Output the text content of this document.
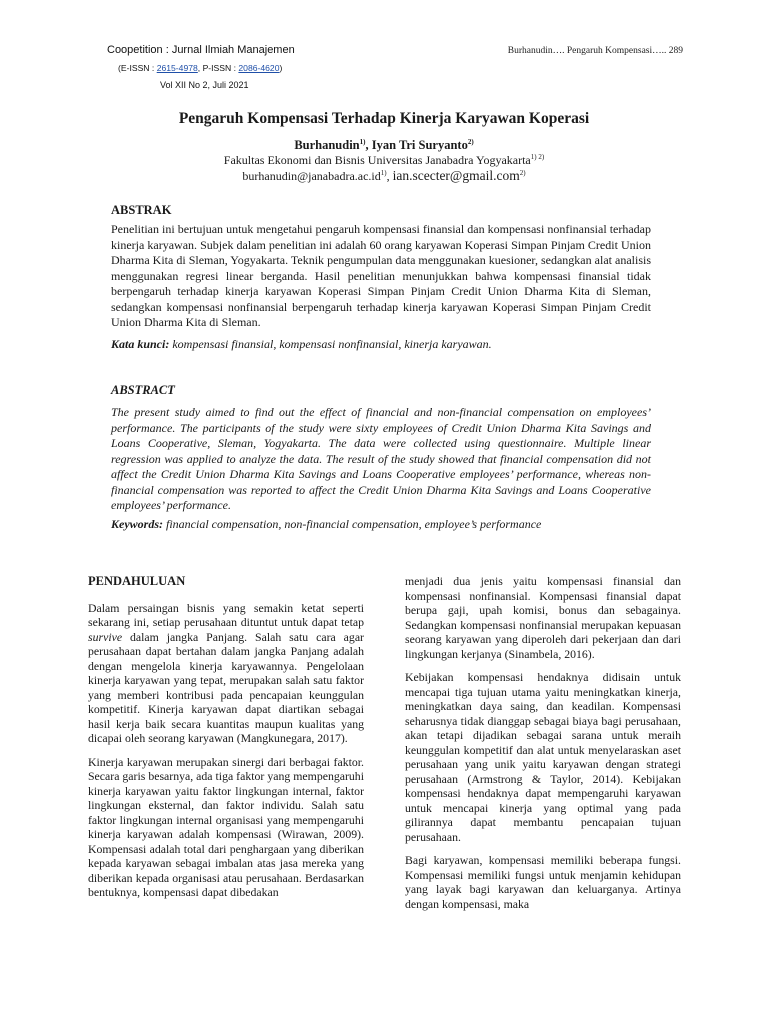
Coopetition : Jurnal Ilmiah Manajemen
(E-ISSN : 2615-4978, P-ISSN : 2086-4620)
Vol XII No 2, Juli 2021
Burhanudin…. Pengaruh Kompensasi….. 289
Pengaruh Kompensasi Terhadap Kinerja Karyawan Koperasi
Burhanudin$^{1)}$, Iyan Tri Suryanto$^{2)}$
Fakultas Ekonomi dan Bisnis Universitas Janabadra Yogyakarta$^{1) 2)}$
$burhanudin@janabadra.ac.id^{1)}$, ian.scecter@gmail.com$^{2)}$
ABSTRAK

Penelitian ini bertujuan untuk mengetahui pengaruh kompensasi finansial dan kompensasi nonfinansial terhadap kinerja karyawan. Subjek dalam penelitian ini adalah 60 orang karyawan Koperasi Simpan Pinjam Credit Union Dharma Kita di Sleman, Yogyakarta. Teknik pengumpulan data menggunakan kuesioner, sedangkan alat analisis menggunakan regresi linear berganda. Hasil penelitian menunjukkan bahwa kompensasi finansial tidak berpengaruh terhadap kinerja karyawan Koperasi Simpan Pinjam Credit Union Dharma Kita di Sleman, sedangkan kompensasi nonfinansial berpengaruh terhadap kinerja karyawan Koperasi Simpan Pinjam Credit Union Dharma Kita di Sleman.

Kata kunci: kompensasi finansial, kompensasi nonfinansial, kinerja karyawan.
ABSTRACT

The present study aimed to find out the effect of financial and non-financial compensation on employees’ performance. The participants of the study were sixty employees of Credit Union Dharma Kita Savings and Loans Cooperative, Sleman, Yogyakarta. The data were collected using questionnaire. Multiple linear regression was applied to analyze the data. The result of the study showed that financial compensation did not affect the Credit Union Dharma Kita Savings and Loans Cooperative employees’ performance, whereas non-financial compensation was reported to affect the Credit Union Dharma Kita Savings and Loans Cooperative employees’ performance.

Keywords: financial compensation, non-financial compensation, employee’s performance
PENDAHULUAN

Dalam persaingan bisnis yang semakin ketat seperti sekarang ini, setiap perusahaan dituntut untuk dapat tetap survive dalam jangka Panjang. Salah satu cara agar perusahaan dapat bertahan dalam jangka Panjang adalah dengan mengelola kinerja karyawannya. Pengelolaan kinerja karyawan yang tepat, merupakan salah satu faktor yang memberi kontribusi pada pencapaian keunggulan kompetitif. Kinerja karyawan dapat diartikan sebagai hasil kerja baik secara kuantitas maupun kualitas yang dicapai oleh seorang karyawan (Mangkunegara, 2017).

Kinerja karyawan merupakan sinergi dari berbagai faktor. Secara garis besarnya, ada tiga faktor yang mempengaruhi kinerja karyawan yaitu faktor lingkungan internal, faktor lingkungan eksternal, dan faktor individu. Salah satu faktor lingkungan internal organisasi yang mempengaruhi kinerja karyawan adalah kompensasi (Wirawan, 2009). Kompensasi adalah total dari penghargaan yang diberikan kepada karyawan sebagai imbalan atas jasa mereka yang diberikan kepada organisasi atau perusahaan. Berdasarkan bentuknya, kompensasi dapat dibedakan

menjadi dua jenis yaitu kompensasi finansial dan kompensasi nonfinansial. Kompensasi finansial dapat berupa gaji, upah komisi, bonus dan sebagainya. Sedangkan kompensasi nonfinansial merupakan kepuasan seorang karyawan yang diperoleh dari pekerjaan dan dari lingkungan kerjanya (Sinambela, 2016).

Kebijakan kompensasi hendaknya didisain untuk mencapai tiga tujuan utama yaitu meningkatkan kinerja, meningkatkan daya saing, dan keadilan. Kompensasi seharusnya tidak dianggap sebagai biaya bagi perusahaan, akan tetapi dijadikan sebagai sarana untuk meraih keunggulan kompetitif dan alat untuk menyelaraskan aset perusahaan yang unik yaitu karyawan dengan strategi perusahaan (Armstrong & Taylor, 2014). Kebijakan kompensasi hendaknya dapat mempengaruhi karyawan untuk mencapai kinerja yang optimal yang pada gilirannya dapat membantu pencapaian tujuan perusahaan.

Bagi karyawan, kompensasi memiliki beberapa fungsi. Kompensasi memiliki fungsi untuk menjamin kehidupan yang layak bagi karyawan dan keluarganya. Artinya dengan kompensasi, maka
